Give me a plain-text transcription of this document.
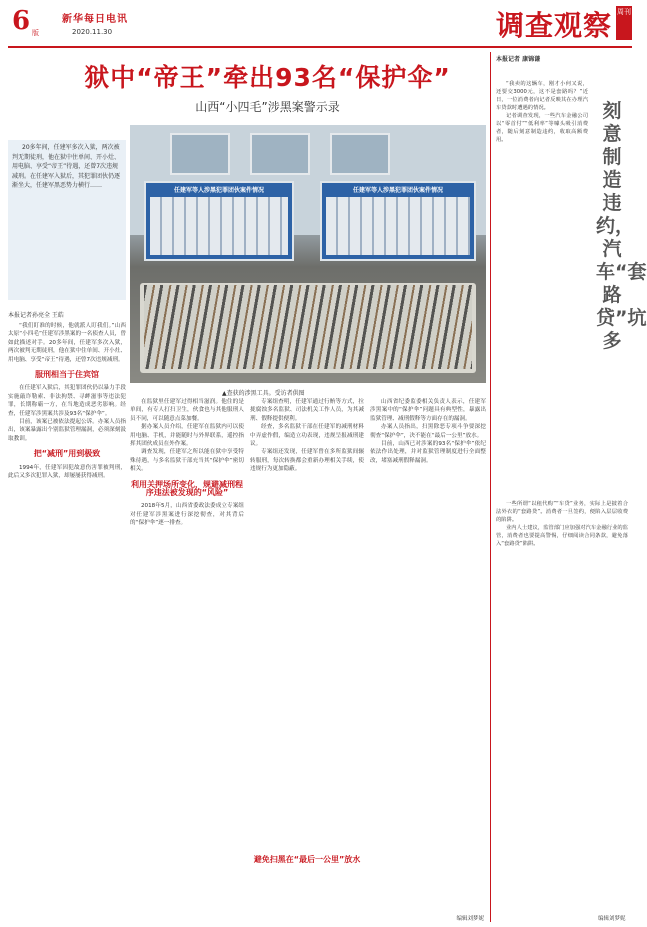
6 版
新华每日电讯
2020.11.30	调查观察 周刊
狱中“帝王”牵出93名“保护伞”
山西“小四毛”涉黑案警示录
20多年间，任建军多次入狱，两次被判无期徒刑，他在狱中住单间、开小灶、用电脑、享受“帝王”待遇，还曾7次违规减刑。在任建军入狱后，其犯罪团伙仍逐渐坐大，任建军黑恶势力横行……
任建军等人涉黑犯罪团伙案件情况	任建军等人涉黑犯罪团伙案件情况
▲查获的涉黑工具。受访者供图
本报记者孙亮全 王皓

“我们盯准的时候，他就派人盯我们。”山西太原“小四毛”任建军涉黑案的一名侦查人员，曾如此描述对手。20多年间，任建军多次入狱，两次被判无期徒刑，他在狱中住单间、开小灶、用电脑、享受“帝王”待遇，还曾7次违规减刑。

服刑相当于住宾馆

在任建军入狱后，其犯罪团伙仍以暴力手段实施敲诈勒索、非法拘禁、寻衅滋事等违法犯罪，长期称霸一方，在当地造成恶劣影响。经查，任建军涉黑案共涉及93名“保护伞”。

目前，该案已被依法提起公诉。办案人员指出，该案暴露出个别监狱管理漏洞，必须深刻汲取教训。

把“减刑”用到极致

1994年，任建军因犯故意伤害罪被判刑，此后又多次犯罪入狱，却屡屡获得减刑。

在监狱里任建军过得相当滋润。他住的是单间，有专人打扫卫生，伙食也与其他服刑人员不同，可以随意点菜加餐。

据办案人员介绍，任建军在监狱内可以使用电脑、手机，并能随时与外界联系，遥控指挥其团伙成员在外作案。

调查发现，任建军之所以能在狱中享受特殊待遇，与多名监狱干部充当其“保护伞”密切相关。

利用关押场所变化，规避减刑程序违法被发现的“风险”

2018年5月，山西省委政法委成立专案组对任建军涉黑案进行深挖彻查，对其背后的“保护伞”逐一排查。

专案组查明，任建军通过行贿等方式，拉拢腐蚀多名监狱、司法机关工作人员，为其减刑、假释提供便利。

经查，多名监狱干部在任建军的减刑材料中弄虚作假，编造立功表现，违规呈报减刑建议。

专案组还发现，任建军曾在多所监狱间辗转服刑，每次转换都会重新办理相关手续，使违规行为更加隐蔽。

避免扫黑在“最后一公里”放水

山西省纪委监委相关负责人表示，任建军涉黑案中的“保护伞”问题具有典型性，暴露出监狱管理、减刑假释等方面存在的漏洞。

办案人员指出，扫黑除恶专项斗争要深挖彻查“保护伞”，决不能在“最后一公里”放水。

目前，山西已对涉案的93名“保护伞”依纪依法作出处理，并对监狱管理制度进行全面整改，堵塞减刑假释漏洞。

编辑刘梦妮
本报记者 康锦谦
刻意制造违约，汽车“套路贷”坑多

“我卖的这辆车，刚才小何又说，还要交3000元，这不是套路吗？”近日，一位消费者向记者反映其在办理汽车贷款时遭遇的情况。

记者调查发现，一些汽车金融公司以“零首付”“低利率”等噱头吸引消费者，随后刻意制造违约，收取高额费用。

一些所谓“以租代购”“车贷”业务，实际上是披着合法外衣的“套路贷”。消费者一旦签约，便陷入层层收费的陷阱。

业内人士建议，监管部门应加强对汽车金融行业的监管，消费者也要提高警惕，仔细阅读合同条款，避免落入“套路贷”陷阱。

编辑刘梦妮
